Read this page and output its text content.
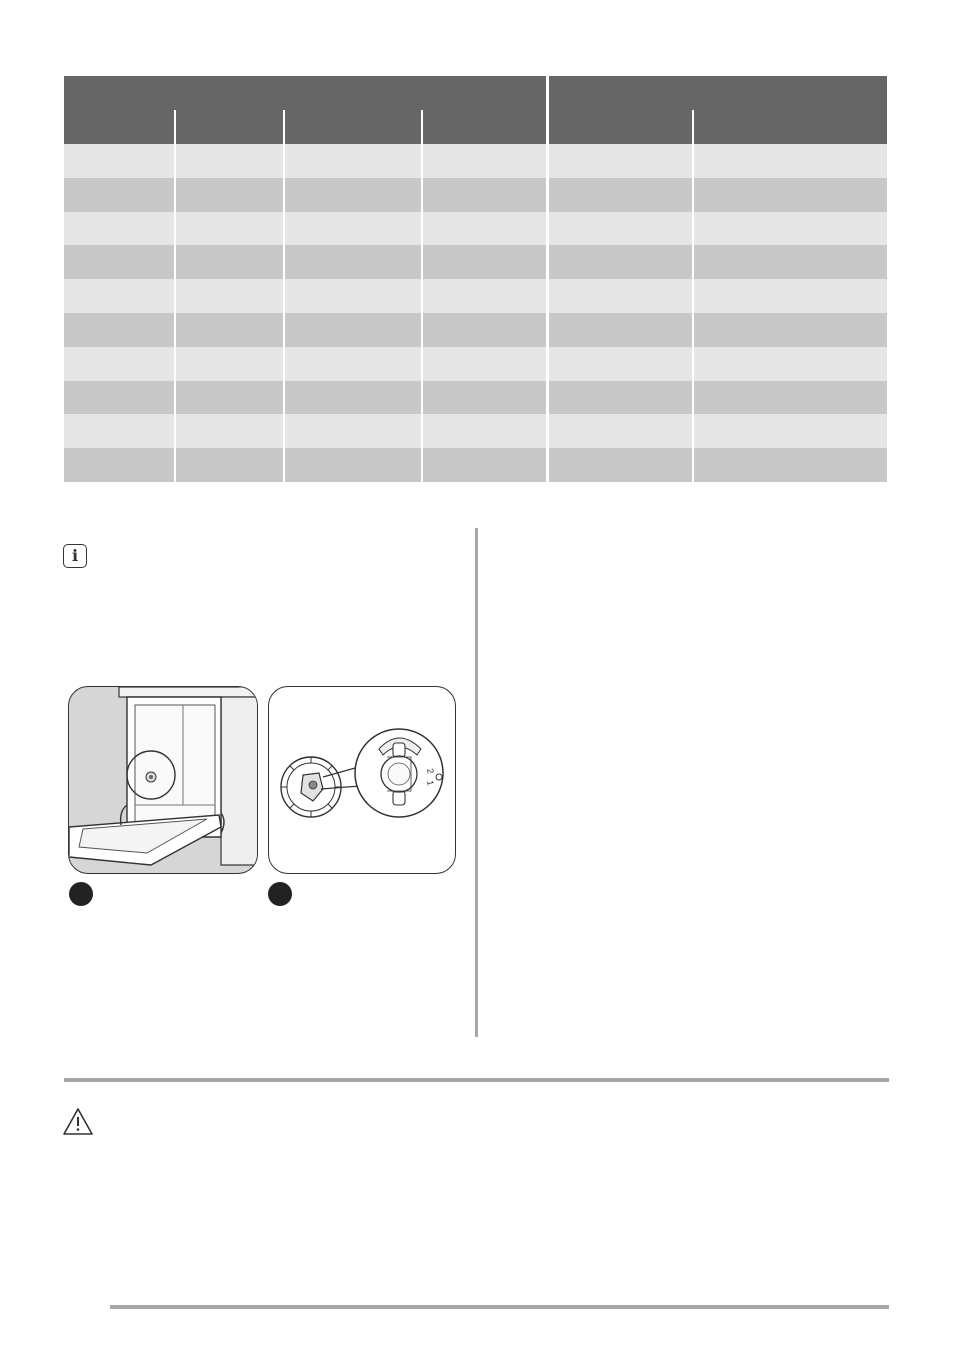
i
2
1
